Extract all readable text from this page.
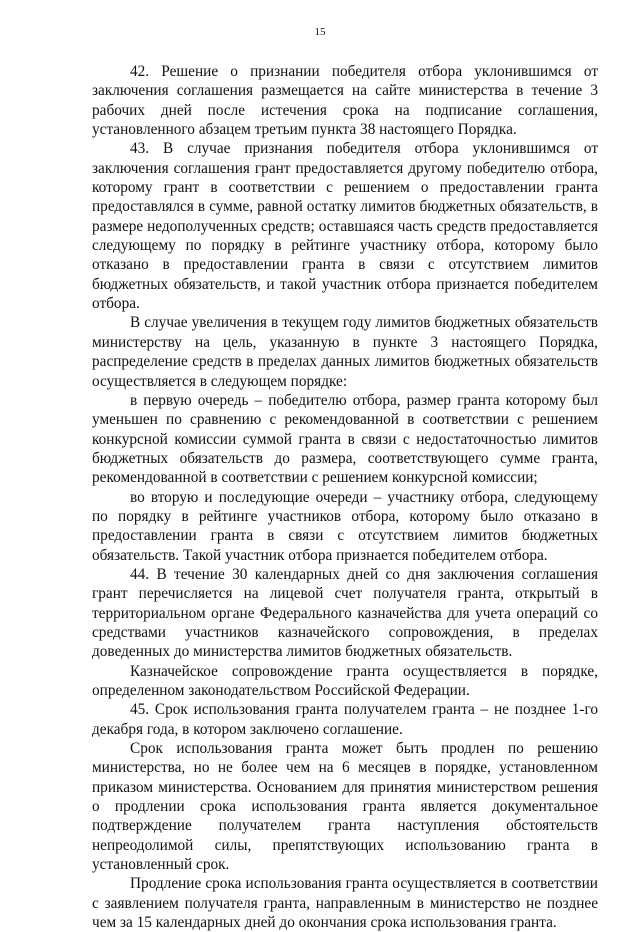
15

42. Решение о признании победителя отбора уклонившимся от заключения соглашения размещается на сайте министерства в течение 3 рабочих дней после истечения срока на подписание соглашения, установленного абзацем третьим пункта 38 настоящего Порядка.

43. В случае признания победителя отбора уклонившимся от заключения соглашения грант предоставляется другому победителю отбора, которому грант в соответствии с решением о предоставлении гранта предоставлялся в сумме, равной остатку лимитов бюджетных обязательств, в размере недополученных средств; оставшаяся часть средств предоставляется следующему по порядку в рейтинге участнику отбора, которому было отказано в предоставлении гранта в связи с отсутствием лимитов бюджетных обязательств, и такой участник отбора признается победителем отбора.

В случае увеличения в текущем году лимитов бюджетных обязательств министерству на цель, указанную в пункте 3 настоящего Порядка, распределение средств в пределах данных лимитов бюджетных обязательств осуществляется в следующем порядке:

в первую очередь – победителю отбора, размер гранта которому был уменьшен по сравнению с рекомендованной в соответствии с решением конкурсной комиссии суммой гранта в связи с недостаточностью лимитов бюджетных обязательств до размера, соответствующего сумме гранта, рекомендованной в соответствии с решением конкурсной комиссии;

во вторую и последующие очереди – участнику отбора, следующему по порядку в рейтинге участников отбора, которому было отказано в предоставлении гранта в связи с отсутствием лимитов бюджетных обязательств. Такой участник отбора признается победителем отбора.

44. В течение 30 календарных дней со дня заключения соглашения грант перечисляется на лицевой счет получателя гранта, открытый в территориальном органе Федерального казначейства для учета операций со средствами участников казначейского сопровождения, в пределах доведенных до министерства лимитов бюджетных обязательств.

Казначейское сопровождение гранта осуществляется в порядке, определенном законодательством Российской Федерации.

45. Срок использования гранта получателем гранта – не позднее 1-го декабря года, в котором заключено соглашение.

Срок использования гранта может быть продлен по решению министерства, но не более чем на 6 месяцев в порядке, установленном приказом министерства. Основанием для принятия министерством решения о продлении срока использования гранта является документальное подтверждение получателем гранта наступления обстоятельств непреодолимой силы, препятствующих использованию гранта в установленный срок.

Продление срока использования гранта осуществляется в соответствии с заявлением получателя гранта, направленным в министерство не позднее чем за 15 календарных дней до окончания срока использования гранта.
